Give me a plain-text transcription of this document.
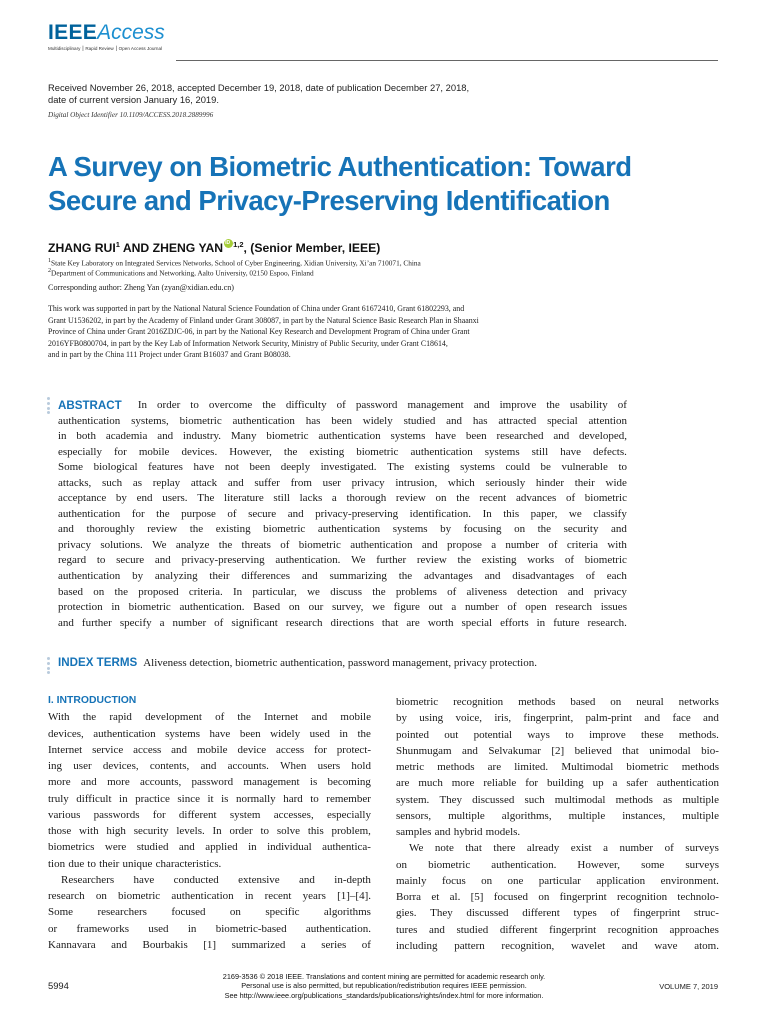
IEEEAccess
Multidisciplinary ⎮ Rapid Review ⎮ Open Access Journal
Received November 26, 2018, accepted December 19, 2018, date of publication December 27, 2018,
date of current version January 16, 2019.
Digital Object Identifier 10.1109/ACCESS.2018.2889996
A Survey on Biometric Authentication: Toward Secure and Privacy-Preserving Identification
ZHANG RUI$^1$ AND ZHENG YANiD $^{1,2}$, (Senior Member, IEEE)
$^1$State Key Laboratory on Integrated Services Networks, School of Cyber Engineering, Xidian University, Xi’an 710071, China
$^2$Department of Communications and Networking, Aalto University, 02150 Espoo, Finland
Corresponding author: Zheng Yan (zyan@xidian.edu.cn)
This work was supported in part by the National Natural Science Foundation of China under Grant 61672410, Grant 61802293, and
Grant U1536202, in part by the Academy of Finland under Grant 308087, in part by the Natural Science Basic Research Plan in Shaanxi
Province of China under Grant 2016ZDJC-06, in part by the National Key Research and Development Program of China under Grant
2016YFB0800704, in part by the Key Lab of Information Network Security, Ministry of Public Security, under Grant C18614,
and in part by the China 111 Project under Grant B16037 and Grant B08038.
ABSTRACT In order to overcome the difficulty of password management and improve the usability of
authentication systems, biometric authentication has been widely studied and has attracted special attention
in both academia and industry. Many biometric authentication systems have been researched and developed,
especially for mobile devices. However, the existing biometric authentication systems still have defects.
Some biological features have not been deeply investigated. The existing systems could be vulnerable to
attacks, such as replay attack and suffer from user privacy intrusion, which seriously hinder their wide
acceptance by end users. The literature still lacks a thorough review on the recent advances of biometric
authentication for the purpose of secure and privacy-preserving identification. In this paper, we classify
and thoroughly review the existing biometric authentication systems by focusing on the security and
privacy solutions. We analyze the threats of biometric authentication and propose a number of criteria with
regard to secure and privacy-preserving authentication. We further review the existing works of biometric
authentication by analyzing their differences and summarizing the advantages and disadvantages of each
based on the proposed criteria. In particular, we discuss the problems of aliveness detection and privacy
protection in biometric authentication. Based on our survey, we figure out a number of open research issues
and further specify a number of significant research directions that are worth special efforts in future research.
INDEX TERMS Aliveness detection, biometric authentication, password management, privacy protection.
I. INTRODUCTION
With the rapid development of the Internet and mobile
devices, authentication systems have been widely used in the
Internet service access and mobile device access for protect-
ing user devices, contents, and accounts. When users hold
more and more accounts, password management is becoming
truly difficult in practice since it is normally hard to remember
various passwords for different system accesses, especially
those with high security levels. In order to solve this problem,
biometrics were studied and applied in individual authentica-
tion due to their unique characteristics.
Researchers have conducted extensive and in-depth
research on biometric authentication in recent years [1]–[4].
Some researchers focused on specific algorithms
or frameworks used in biometric-based authentication.
Kannavara and Bourbakis [1] summarized a series of
biometric recognition methods based on neural networks
by using voice, iris, fingerprint, palm-print and face and
pointed out potential ways to improve these methods.
Shunmugam and Selvakumar [2] believed that unimodal bio-
metric methods are limited. Multimodal biometric methods
are much more reliable for building up a safer authentication
system. They discussed such multimodal methods as multiple
sensors, multiple algorithms, multiple instances, multiple
samples and hybrid models.
We note that there already exist a number of surveys
on biometric authentication. However, some surveys
mainly focus on one particular application environment.
Borra et al. [5] focused on fingerprint recognition technolo-
gies. They discussed different types of fingerprint struc-
tures and studied different fingerprint recognition approaches
including pattern recognition, wavelet and wave atom.
5994
2169-3536 © 2018 IEEE. Translations and content mining are permitted for academic research only.
Personal use is also permitted, but republication/redistribution requires IEEE permission.
See http://www.ieee.org/publications_standards/publications/rights/index.html for more information.
VOLUME 7, 2019
